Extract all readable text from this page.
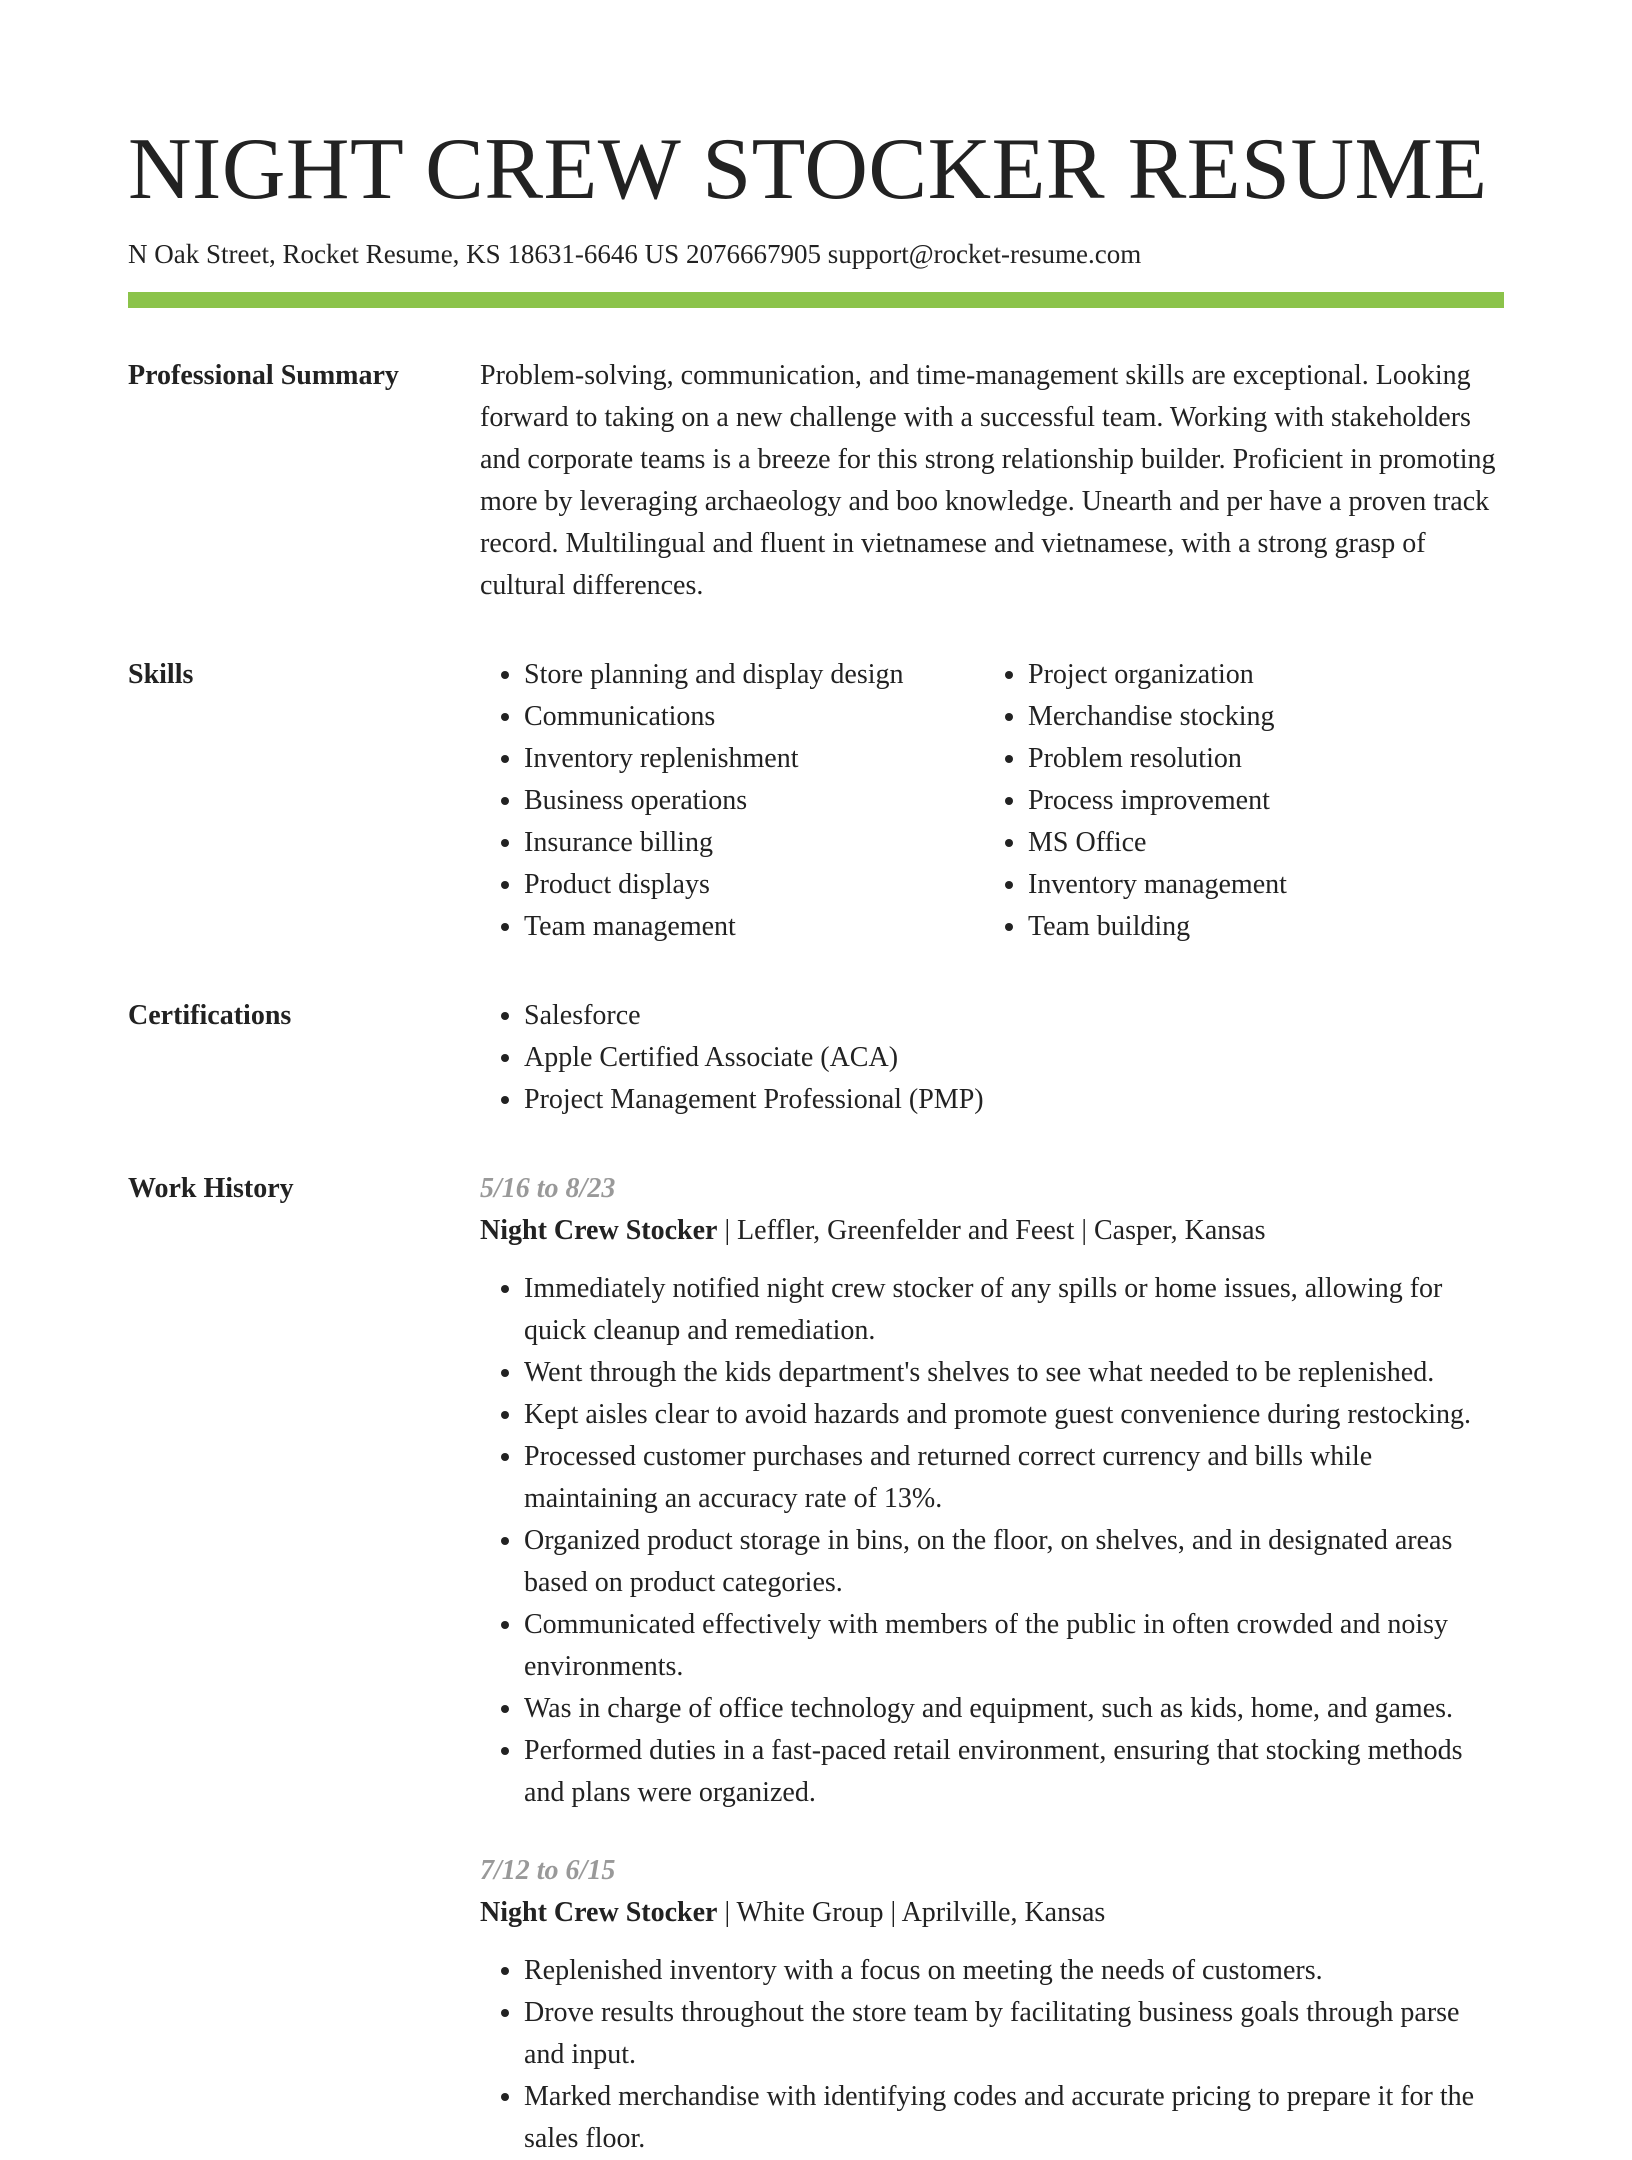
NIGHT CREW STOCKER RESUME
N Oak Street, Rocket Resume, KS 18631-6646 US 2076667905 support@rocket-resume.com
Professional Summary	Problem-solving, communication, and time-management skills are exceptional. Looking forward to taking on a new challenge with a successful team. Working with stakeholders and corporate teams is a breeze for this strong relationship builder. Proficient in promoting more by leveraging archaeology and boo knowledge. Unearth and per have a proven track record. Multilingual and fluent in vietnamese and vietnamese, with a strong grasp of cultural differences.

Skills	• Store planning and display design
• Communications
• Inventory replenishment
• Business operations
• Insurance billing
• Product displays
• Team management
• Project organization
• Merchandise stocking
• Problem resolution
• Process improvement
• MS Office
• Inventory management
• Team building
Certifications	• Salesforce
• Apple Certified Associate (ACA)
• Project Management Professional (PMP)
Work History	5/16 to 8/23
Night Crew Stocker | Leffler, Greenfelder and Feest | Casper, Kansas
• Immediately notified night crew stocker of any spills or home issues, allowing for quick cleanup and remediation.
• Went through the kids department's shelves to see what needed to be replenished.
• Kept aisles clear to avoid hazards and promote guest convenience during restocking.
• Processed customer purchases and returned correct currency and bills while maintaining an accuracy rate of 13%.
• Organized product storage in bins, on the floor, on shelves, and in designated areas based on product categories.
• Communicated effectively with members of the public in often crowded and noisy environments.
• Was in charge of office technology and equipment, such as kids, home, and games.
• Performed duties in a fast-paced retail environment, ensuring that stocking methods and plans were organized.
7/12 to 6/15
Night Crew Stocker | White Group | Aprilville, Kansas
• Replenished inventory with a focus on meeting the needs of customers.
• Drove results throughout the store team by facilitating business goals through parse and input.
• Marked merchandise with identifying codes and accurate pricing to prepare it for the sales floor.
